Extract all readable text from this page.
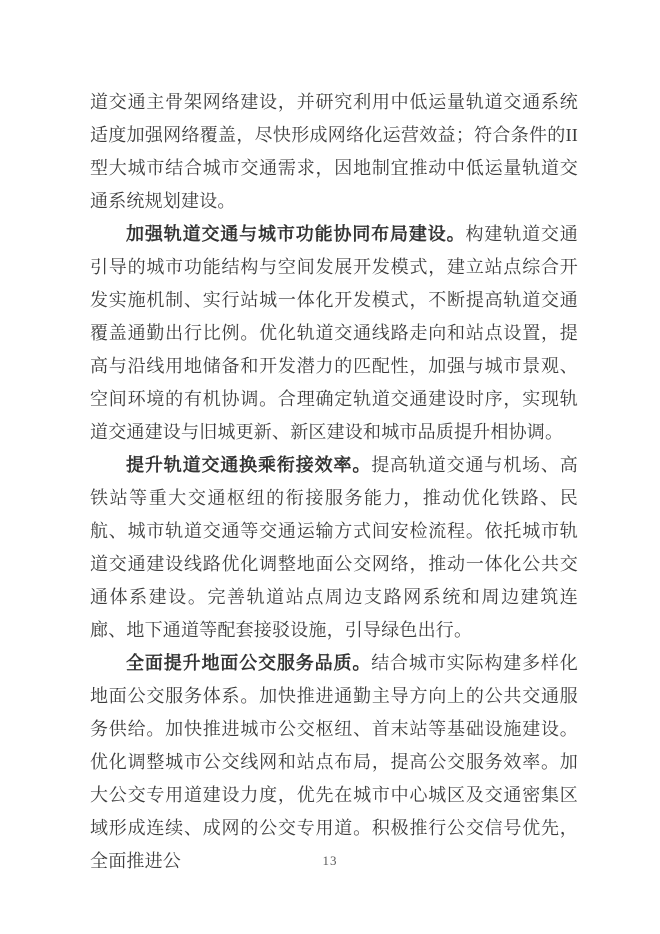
道交通主骨架网络建设，并研究利用中低运量轨道交通系统适度加强网络覆盖，尽快形成网络化运营效益；符合条件的II型大城市结合城市交通需求，因地制宜推动中低运量轨道交通系统规划建设。

加强轨道交通与城市功能协同布局建设。构建轨道交通引导的城市功能结构与空间发展开发模式，建立站点综合开发实施机制、实行站城一体化开发模式，不断提高轨道交通覆盖通勤出行比例。优化轨道交通线路走向和站点设置，提高与沿线用地储备和开发潜力的匹配性，加强与城市景观、空间环境的有机协调。合理确定轨道交通建设时序，实现轨道交通建设与旧城更新、新区建设和城市品质提升相协调。

提升轨道交通换乘衔接效率。提高轨道交通与机场、高铁站等重大交通枢纽的衔接服务能力，推动优化铁路、民航、城市轨道交通等交通运输方式间安检流程。依托城市轨道交通建设线路优化调整地面公交网络，推动一体化公共交通体系建设。完善轨道站点周边支路网系统和周边建筑连廊、地下通道等配套接驳设施，引导绿色出行。

全面提升地面公交服务品质。结合城市实际构建多样化地面公交服务体系。加快推进通勤主导方向上的公共交通服务供给。加快推进城市公交枢纽、首末站等基础设施建设。优化调整城市公交线网和站点布局，提高公交服务效率。加大公交专用道建设力度，优先在城市中心城区及交通密集区域形成连续、成网的公交专用道。积极推行公交信号优先，全面推进公	13
